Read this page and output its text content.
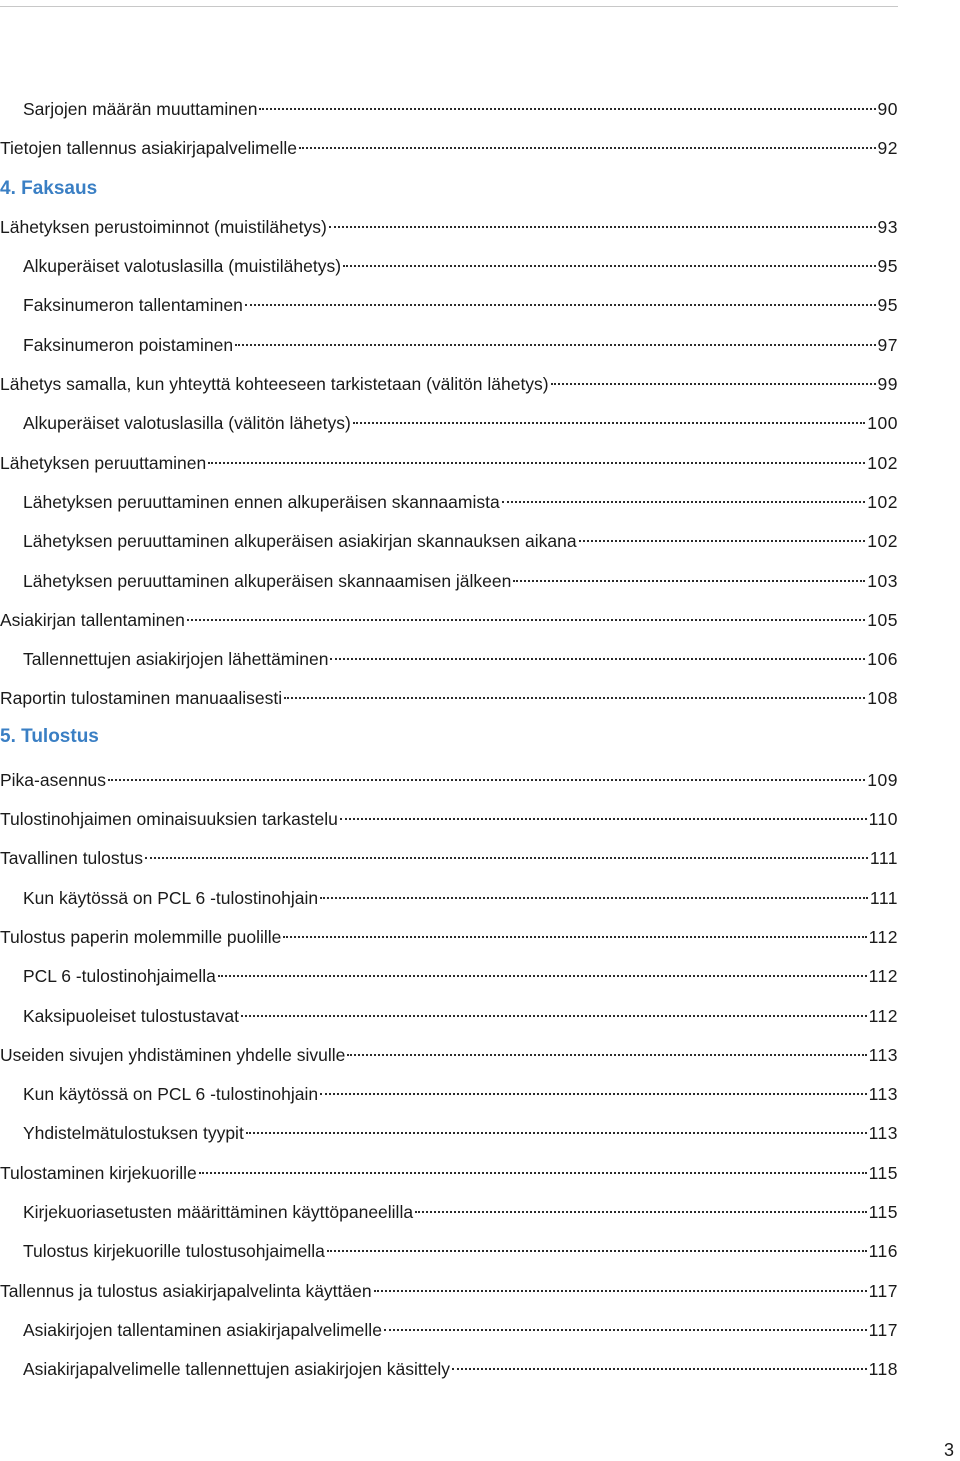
Sarjojen määrän muuttaminen	90
Tietojen tallennus asiakirjapalvelimelle	92
4. Faksaus
Lähetyksen perustoiminnot (muistilähetys)	93
Alkuperäiset valotuslasilla (muistilähetys)	95
Faksinumeron tallentaminen	95
Faksinumeron poistaminen	97
Lähetys samalla, kun yhteyttä kohteeseen tarkistetaan (välitön lähetys)	99
Alkuperäiset valotuslasilla (välitön lähetys)	100
Lähetyksen peruuttaminen	102
Lähetyksen peruuttaminen ennen alkuperäisen skannaamista	102
Lähetyksen peruuttaminen alkuperäisen asiakirjan skannauksen aikana	102
Lähetyksen peruuttaminen alkuperäisen skannaamisen jälkeen	103
Asiakirjan tallentaminen	105
Tallennettujen asiakirjojen lähettäminen	106
Raportin tulostaminen manuaalisesti	108
5. Tulostus
Pika-asennus	109
Tulostinohjaimen ominaisuuksien tarkastelu	110
Tavallinen tulostus	111
Kun käytössä on PCL 6 -tulostinohjain	111
Tulostus paperin molemmille puolille	112
PCL 6 -tulostinohjaimella	112
Kaksipuoleiset tulostustavat	112
Useiden sivujen yhdistäminen yhdelle sivulle	113
Kun käytössä on PCL 6 -tulostinohjain	113
Yhdistelmätulostuksen tyypit	113
Tulostaminen kirjekuorille	115
Kirjekuoriasetusten määrittäminen käyttöpaneelilla	115
Tulostus kirjekuorille tulostusohjaimella	116
Tallennus ja tulostus asiakirjapalvelinta käyttäen	117
Asiakirjojen tallentaminen asiakirjapalvelimelle	117
Asiakirjapalvelimelle tallennettujen asiakirjojen käsittely	118
3
